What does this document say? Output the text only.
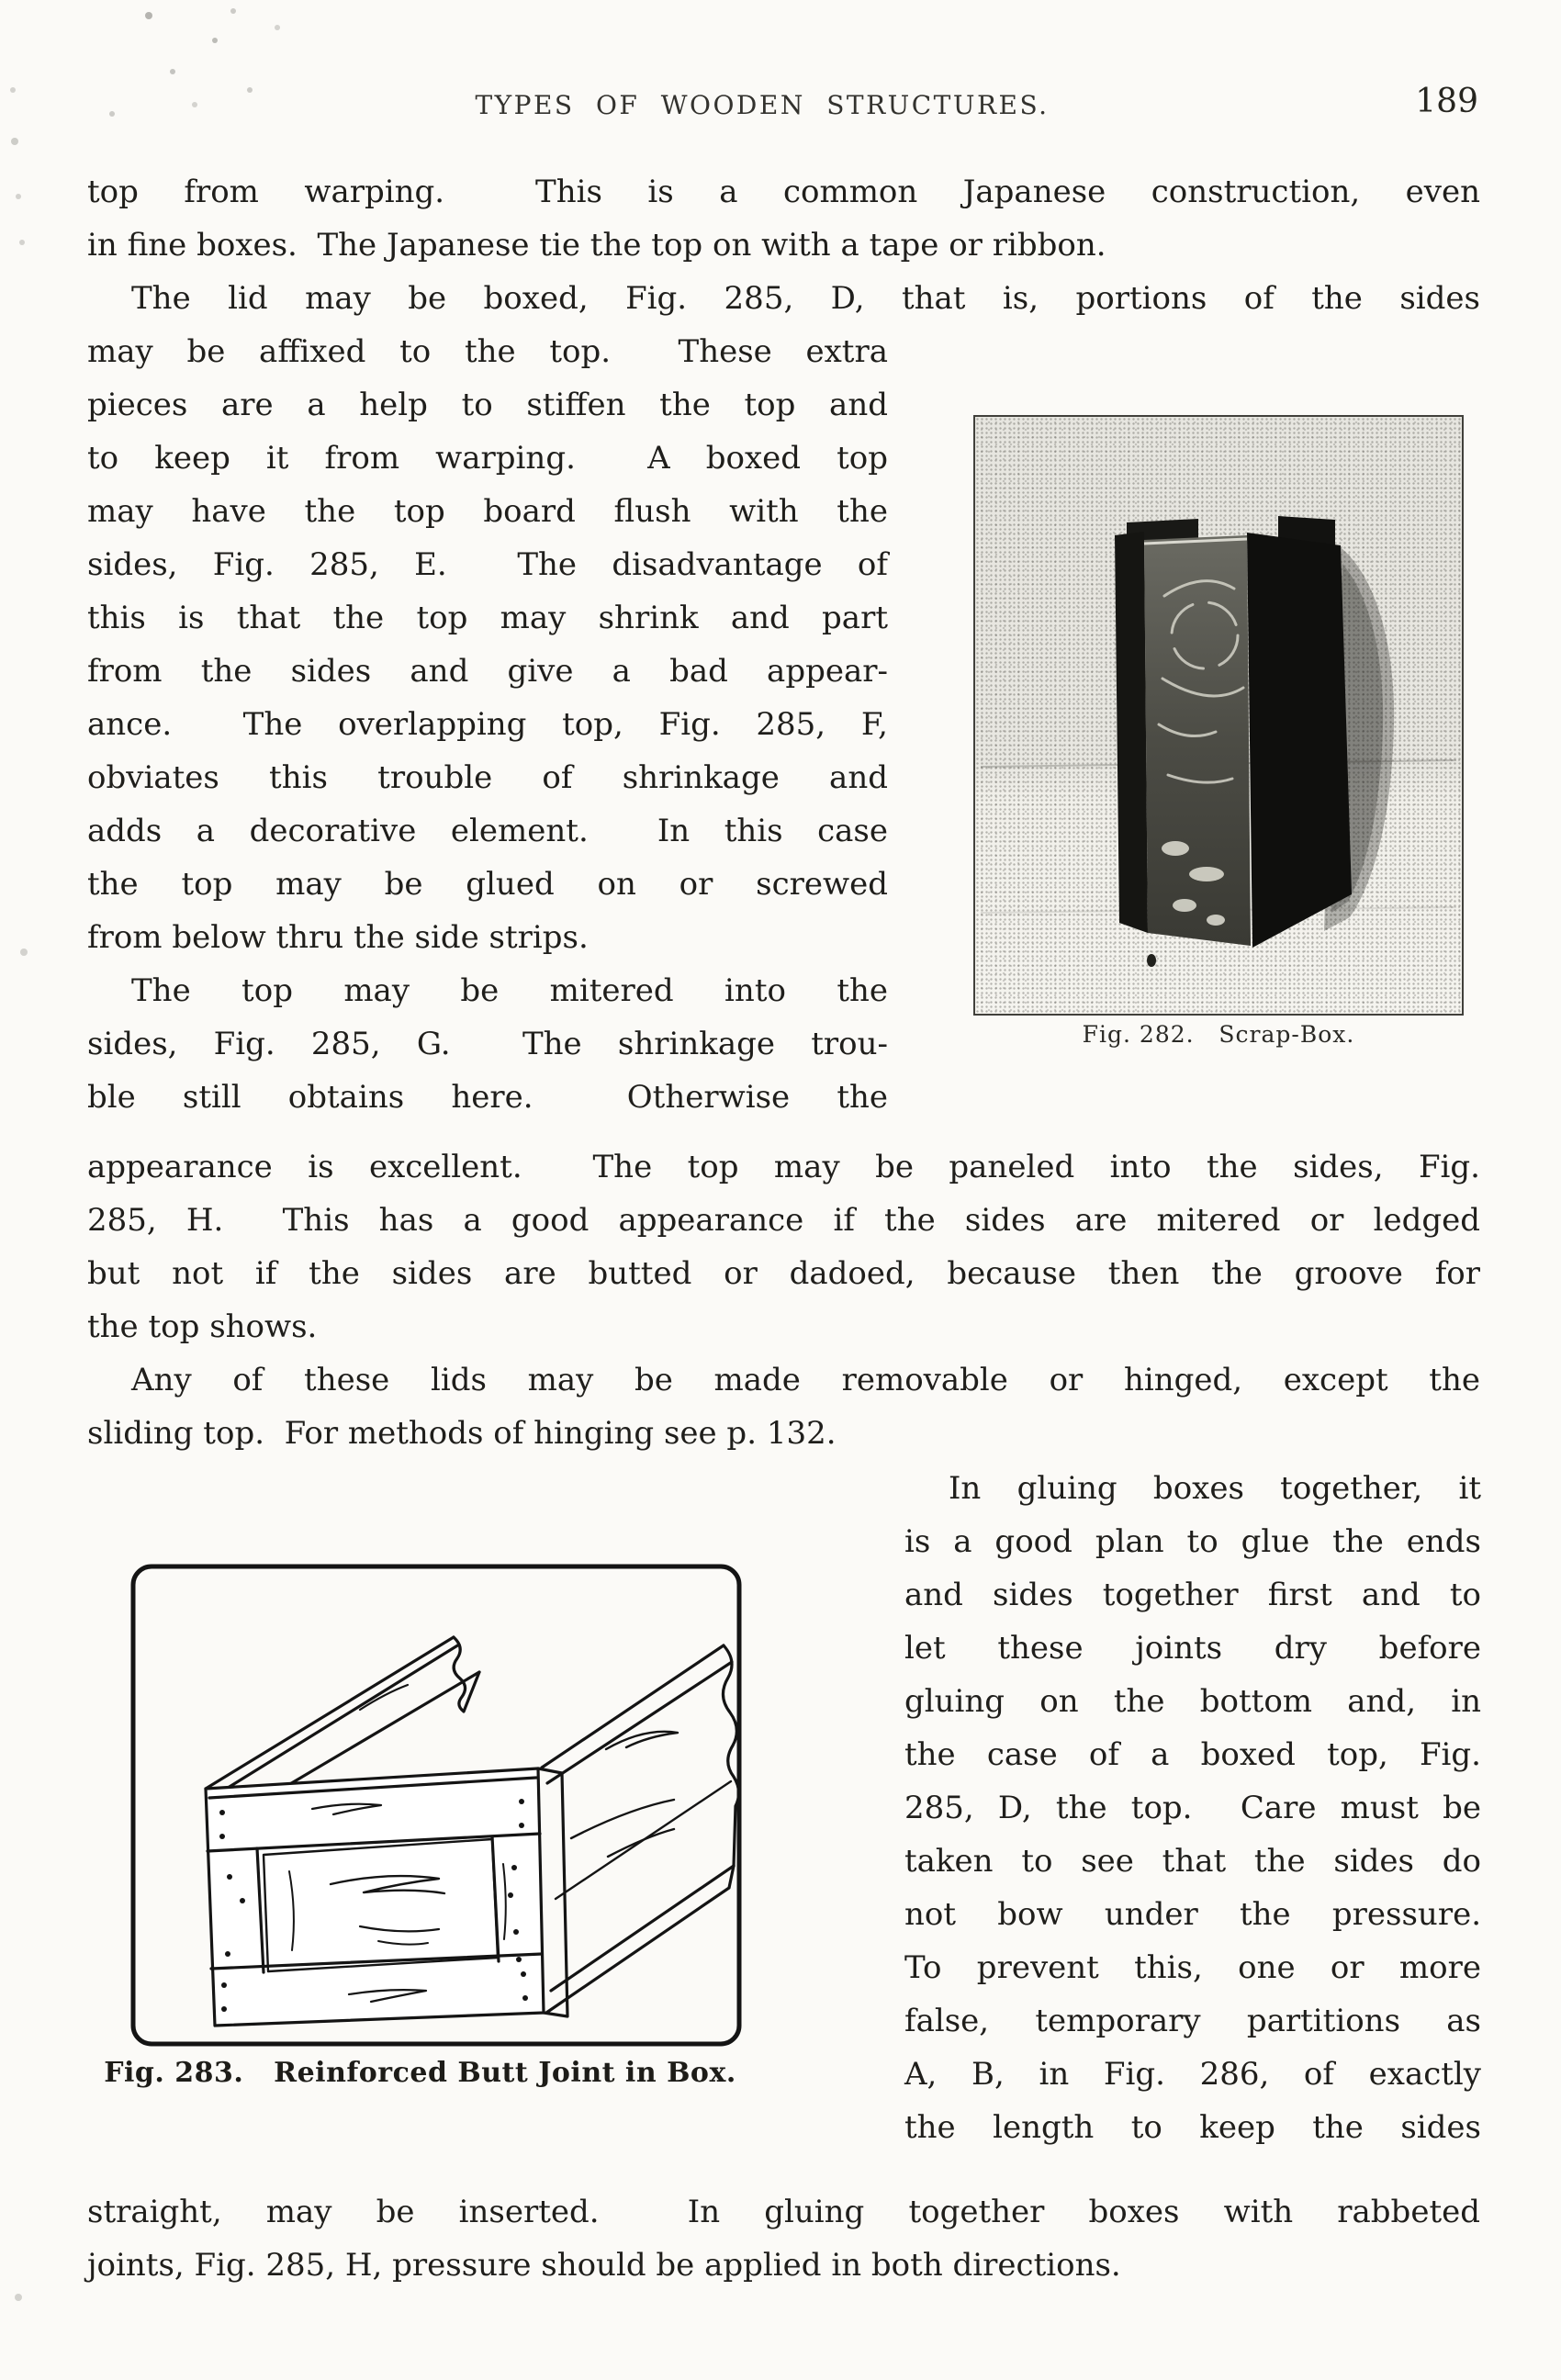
TYPES OF WOODEN STRUCTURES.	189
top from warping.  This is a common Japanese construction, even
in fine boxes.  The Japanese tie the top on with a tape or ribbon.
The lid may be boxed, Fig. 285, D, that is, portions of the sides
may be affixed to the top.  These extra
pieces are a help to stiffen the top and
to keep it from warping.  A boxed top
may have the top board flush with the
sides, Fig. 285, E.  The disadvantage of
this is that the top may shrink and part
from the sides and give a bad appear-
ance.  The overlapping top, Fig. 285, F,
obviates this trouble of shrinkage and
adds a decorative element.  In this case
the top may be glued on or screwed
from below thru the side strips.
The top may be mitered into the
sides, Fig. 285, G.  The shrinkage trou-
ble still obtains here.  Otherwise the
Fig. 282.   Scrap-Box.
appearance is excellent.  The top may be paneled into the sides, Fig.
285, H.  This has a good appearance if the sides are mitered or ledged
but not if the sides are butted or dadoed, because then the groove for
the top shows.
Any of these lids may be made removable or hinged, except the
sliding top.  For methods of hinging see p. 132.
Fig. 283.   Reinforced Butt Joint in Box.
In gluing boxes together, it
is a good plan to glue the ends
and sides together first and to
let these joints dry before
gluing on the bottom and, in
the case of a boxed top, Fig.
285, D, the top.  Care must be
taken to see that the sides do
not bow under the pressure.
To prevent this, one or more
false, temporary partitions as
A, B, in Fig. 286, of exactly
the length to keep the sides
straight, may be inserted.  In gluing together boxes with rabbeted
joints, Fig. 285, H, pressure should be applied in both directions.
